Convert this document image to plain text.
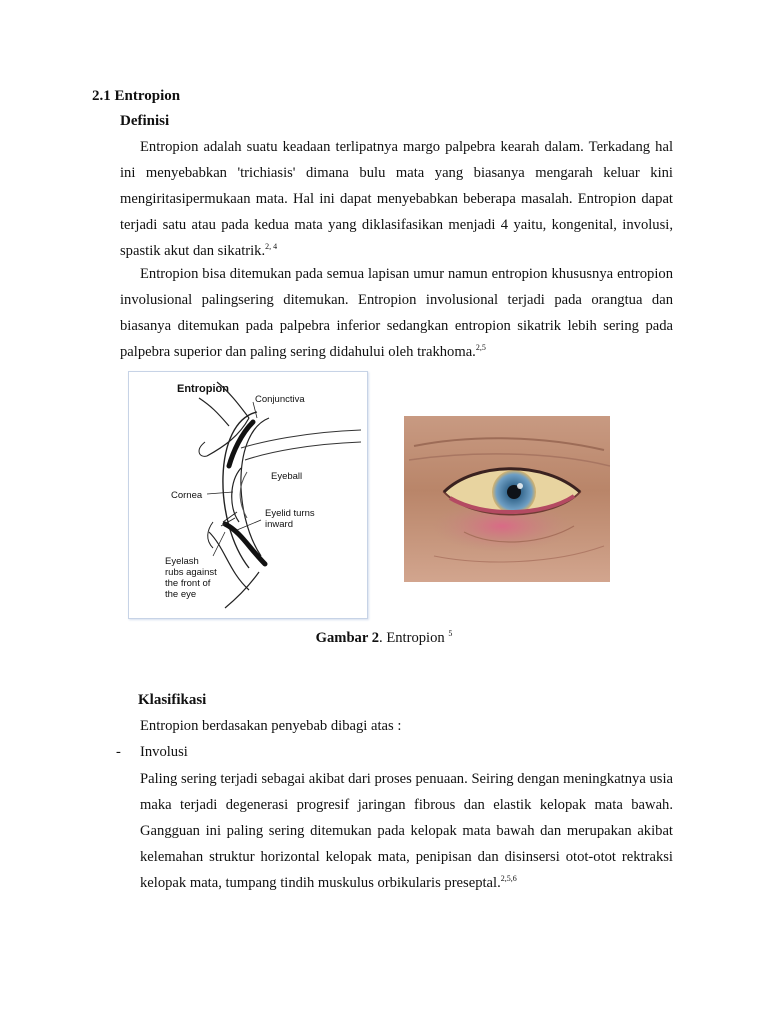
2.1 Entropion
Definisi
Entropion adalah suatu keadaan terlipatnya margo palpebra kearah dalam. Terkadang hal ini menyebabkan 'trichiasis' dimana bulu mata yang biasanya mengarah keluar kini mengiritasipermukaan mata. Hal ini dapat menyebabkan beberapa masalah. Entropion dapat terjadi satu atau pada kedua mata yang diklasifasikan menjadi 4 yaitu, kongenital, involusi, spastik akut dan sikatrik.$^{2, 4}$
Entropion bisa ditemukan pada semua lapisan umur namun entropion khususnya entropion involusional palingsering ditemukan. Entropion involusional terjadi pada orangtua dan biasanya ditemukan pada palpebra inferior sedangkan entropion sikatrik lebih sering pada palpebra superior dan paling sering didahului oleh trakhoma.$^{2,5}$
Entropion
Conjunctiva
Eyeball
Cornea
Eyelid turns
inward
Eyelash
rubs against
the front of
the eye
Gambar 2. Entropion $^5$
Klasifikasi
Entropion berdasakan penyebab dibagi atas :
- Involusi
Paling sering terjadi sebagai akibat dari proses penuaan. Seiring dengan meningkatnya usia maka terjadi degenerasi progresif jaringan fibrous dan elastik kelopak mata bawah. Gangguan ini paling sering ditemukan pada kelopak mata bawah dan merupakan akibat kelemahan struktur horizontal kelopak mata, penipisan dan disinsersi otot-otot rektraksi kelopak mata, tumpang tindih muskulus orbikularis preseptal.$^{2,5,6}$
